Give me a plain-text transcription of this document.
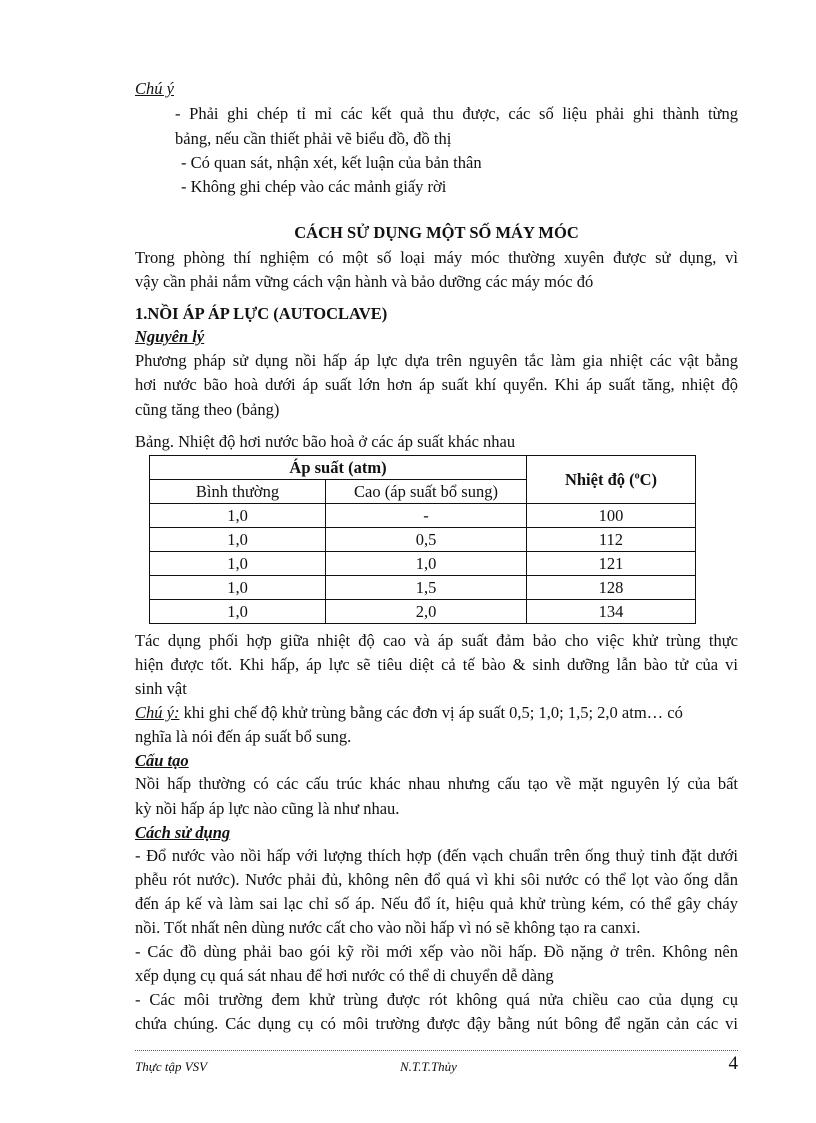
Chú ý
- Phải ghi chép tỉ mỉ các kết quả thu được, các số liệu phải ghi thành từng
bảng, nếu cần thiết phải vẽ biểu đồ, đồ thị
- Có quan sát, nhận xét, kết luận của bản thân
- Không ghi chép vào các mảnh giấy rời
CÁCH SỬ DỤNG MỘT SỐ MÁY MÓC
Trong phòng thí nghiệm có một số loại máy móc thường xuyên được sử dụng, vì
vậy cần phải nắm vững cách vận hành và bảo dưỡng các máy móc đó
1.NỒI ÁP ÁP LỰC (AUTOCLAVE)
Nguyên lý
Phương pháp sử dụng nồi hấp áp lực dựa trên nguyên tắc làm gia nhiệt các vật bằng
hơi nước bão hoà dưới áp suất lớn hơn áp suất khí quyển. Khi áp suất tăng, nhiệt độ
cũng tăng theo (bảng)
Bảng. Nhiệt độ hơi nước bão hoà ở các áp suất khác nhau
Áp suất (atm)		Nhiệt độ ($^o$C)
Bình thường	Cao (áp suất bổ sung)	
1,0	-	100
1,0	0,5	112
1,0	1,0	121
1,0	1,5	128
1,0	2,0	134
Tác dụng phối hợp giữa nhiệt độ cao và áp suất đảm bảo cho việc khử trùng thực
hiện được tốt. Khi hấp, áp lực sẽ tiêu diệt cả tế bào & sinh dưỡng lẫn bào tử của vi
sinh vật
Chú ý: khi ghi chế độ khử trùng bằng các đơn vị áp suất 0,5; 1,0; 1,5; 2,0 atm… có
nghĩa là nói đến áp suất bổ sung.
Cấu tạo
Nồi hấp thường có các cấu trúc khác nhau nhưng cấu tạo về mặt nguyên lý của bất
kỳ nồi hấp áp lực nào cũng là như nhau.
Cách sử dụng
- Đổ nước vào nồi hấp với lượng thích hợp (đến vạch chuẩn trên ống thuỷ tinh đặt dưới
phễu rót nước). Nước phải đủ, không nên đổ quá vì khi sôi nước có thể lọt vào ống dẫn
đến áp kế và làm sai lạc chỉ số áp. Nếu đổ ít, hiệu quả khử trùng kém, có thể gây cháy
nồi. Tốt nhất nên dùng nước cất cho vào nồi hấp vì nó sẽ không tạo ra canxi.
- Các đồ dùng phải bao gói kỹ rồi mới xếp vào nồi hấp. Đồ nặng ở trên. Không nên
xếp dụng cụ quá sát nhau để hơi nước có thể di chuyển dễ dàng
- Các môi trường đem khử trùng được rót không quá nửa chiều cao của dụng cụ
chứa chúng. Các dụng cụ có môi trường được đậy bằng nút bông để ngăn cản các vi
Thực tập VSV	N.T.T.Thủy	4
